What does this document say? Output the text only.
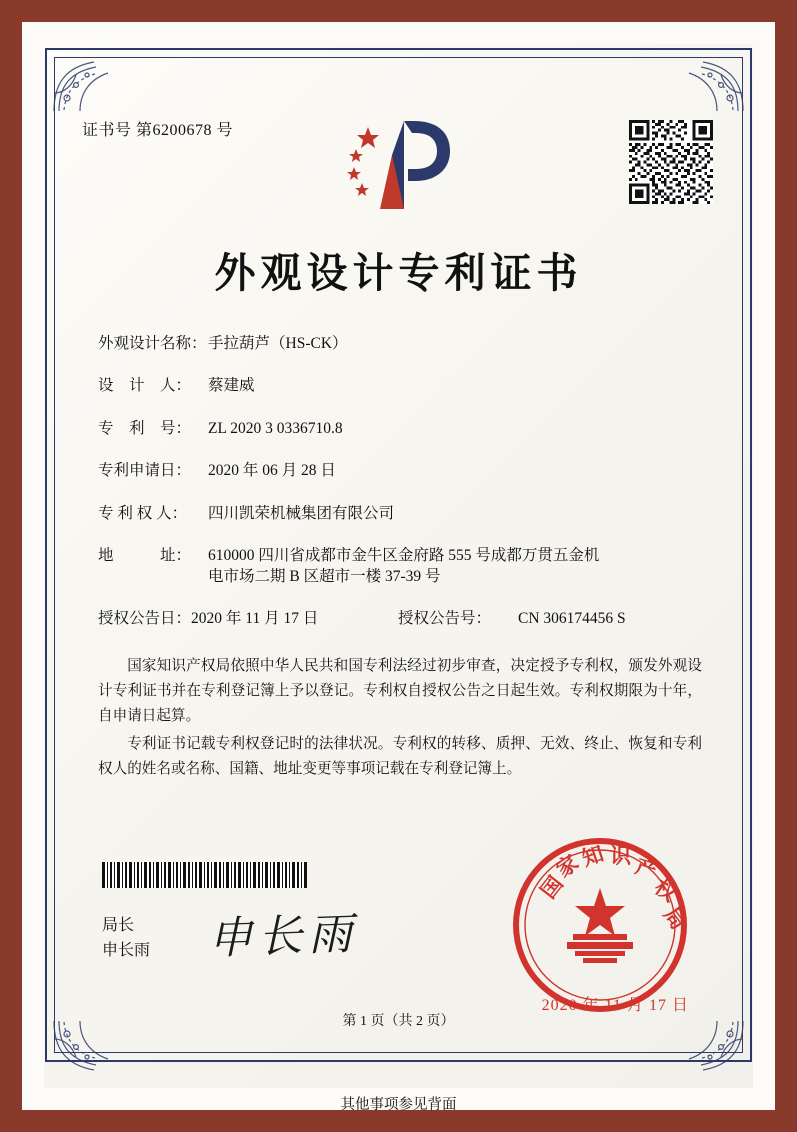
证书号 第6200678 号
外观设计专利证书
外观设计名称： 手拉葫芦（HS-CK）
设　计　人：	蔡建威
专　利　号：	ZL 2020 3 0336710.8
专利申请日：	2020 年 06 月 28 日
专 利 权 人：	四川凯荣机械集团有限公司
地　　　址：	610000 四川省成都市金牛区金府路 555 号成都万贯五金机
电市场二期 B 区超市一楼 37-39 号
授权公告日：2020 年 11 月 17 日	授权公告号：	CN 306174456 S

国家知识产权局依照中华人民共和国专利法经过初步审查，决定授予专利权，颁发外观设计专利证书并在专利登记簿上予以登记。专利权自授权公告之日起生效。专利权期限为十年，自申请日起算。

专利证书记载专利权登记时的法律状况。专利权的转移、质押、无效、终止、恢复和专利权人的姓名或名称、国籍、地址变更等事项记载在专利登记簿上。

局长
申长雨 申长雨
国
家
知 识 产
权
局
2020 年 11 月 17 日
第 1 页（共 2 页）
其他事项参见背面
